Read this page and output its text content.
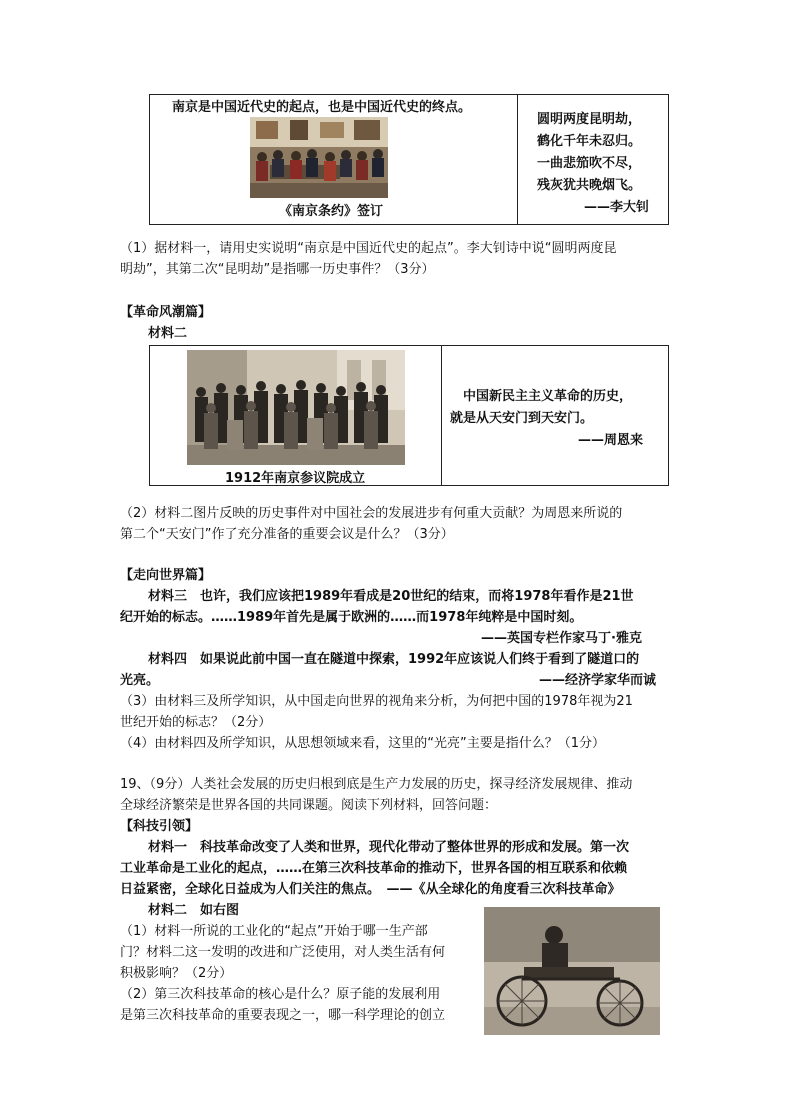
南京是中国近代史的起点，也是中国近代史的终点。
《南京条约》签订
圆明两度昆明劫，
鹤化千年未忍归。
一曲悲笳吹不尽，
残灰犹共晚烟飞。
——李大钊
（1）据材料一，请用史实说明“南京是中国近代史的起点”。李大钊诗中说“圆明两度昆
明劫”，其第二次“昆明劫”是指哪一历史事件？（3分）
【革命风潮篇】
材料二
1912年南京参议院成立
中国新民主主义革命的历史，
就是从天安门到天安门。
——周恩来
（2）材料二图片反映的历史事件对中国社会的发展进步有何重大贡献？为周恩来所说的
第二个“天安门”作了充分准备的重要会议是什么？（3分）
【走向世界篇】
材料三　也许，我们应该把1989年看成是20世纪的结束，而将1978年看作是21世
纪开始的标志。……1989年首先是属于欧洲的……而1978年纯粹是中国时刻。
——英国专栏作家马丁·雅克
材料四　如果说此前中国一直在隧道中探索，1992年应该说人们终于看到了隧道口的
光亮。	——经济学家华而诚
（3）由材料三及所学知识，从中国走向世界的视角来分析，为何把中国的1978年视为21
世纪开始的标志？（2分）
（4）由材料四及所学知识，从思想领域来看，这里的“光亮”主要是指什么？（1分）
19、（9分）人类社会发展的历史归根到底是生产力发展的历史，探寻经济发展规律、推动
全球经济繁荣是世界各国的共同课题。阅读下列材料，回答问题：
【科技引领】
材料一　科技革命改变了人类和世界，现代化带动了整体世界的形成和发展。第一次
工业革命是工业化的起点，……在第三次科技革命的推动下，世界各国的相互联系和依赖
日益紧密，全球化日益成为人们关注的焦点。　——《从全球化的角度看三次科技革命》
材料二　如右图
（1）材料一所说的工业化的“起点”开始于哪一生产部
门？材料二这一发明的改进和广泛使用，对人类生活有何
积极影响？（2分）
（2）第三次科技革命的核心是什么？原子能的发展利用
是第三次科技革命的重要表现之一，哪一科学理论的创立
